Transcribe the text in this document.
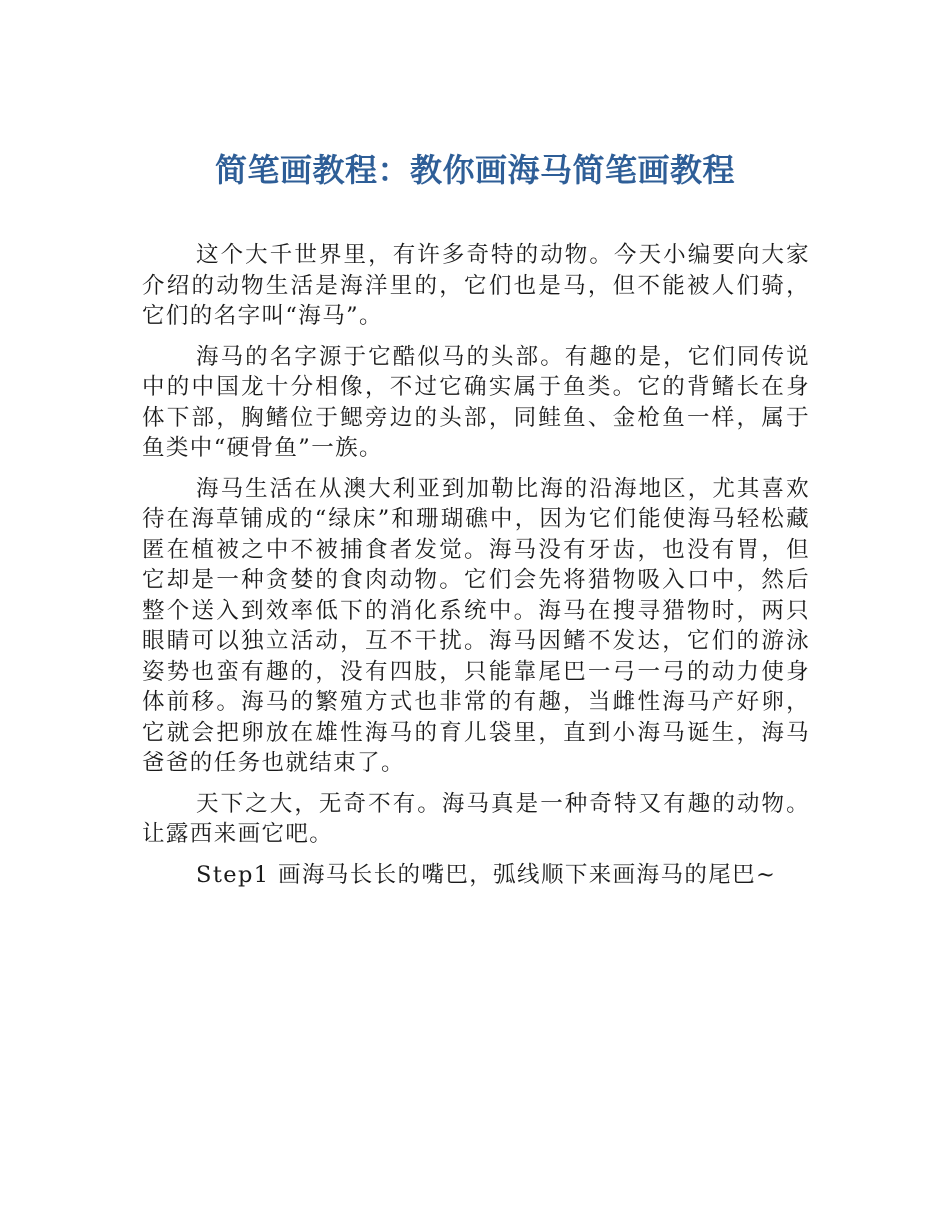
简笔画教程：教你画海马简笔画教程

这个大千世界里，有许多奇特的动物。今天小编要向大家介绍的动物生活是海洋里的，它们也是马，但不能被人们骑，它们的名字叫“海马”。

海马的名字源于它酷似马的头部。有趣的是，它们同传说中的中国龙十分相像，不过它确实属于鱼类。它的背鳍长在身体下部，胸鳍位于鳃旁边的头部，同鲑鱼、金枪鱼一样，属于鱼类中“硬骨鱼”一族。

海马生活在从澳大利亚到加勒比海的沿海地区，尤其喜欢待在海草铺成的“绿床”和珊瑚礁中，因为它们能使海马轻松藏匿在植被之中不被捕食者发觉。海马没有牙齿，也没有胃，但它却是一种贪婪的食肉动物。它们会先将猎物吸入口中，然后整个送入到效率低下的消化系统中。海马在搜寻猎物时，两只眼睛可以独立活动，互不干扰。海马因鳍不发达，它们的游泳姿势也蛮有趣的，没有四肢，只能靠尾巴一弓一弓的动力使身体前移。海马的繁殖方式也非常的有趣，当雌性海马产好卵，它就会把卵放在雄性海马的育儿袋里，直到小海马诞生，海马爸爸的任务也就结束了。

天下之大，无奇不有。海马真是一种奇特又有趣的动物。让露西来画它吧。

Step1 画海马长长的嘴巴，弧线顺下来画海马的尾巴~
